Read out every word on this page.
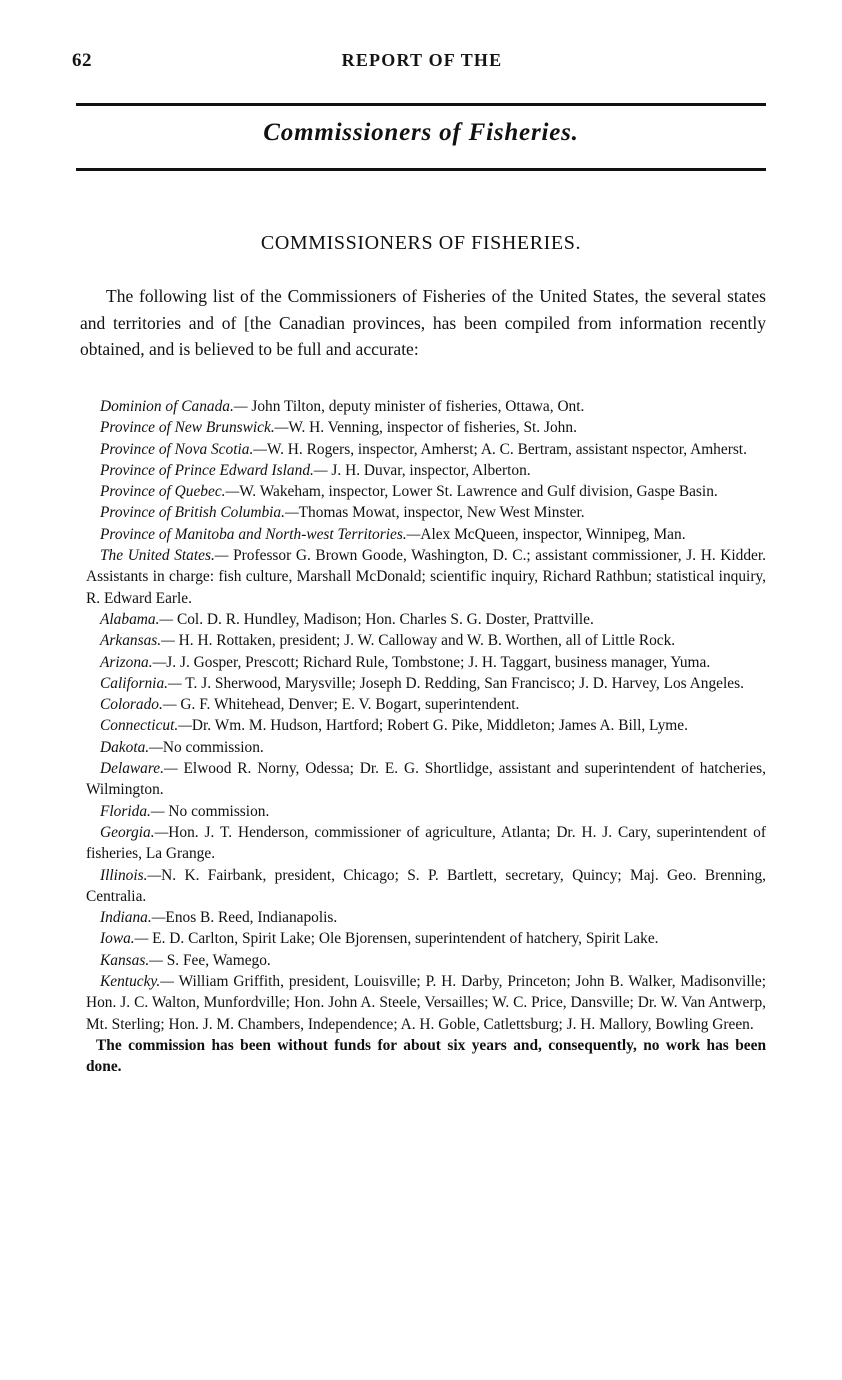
62	REPORT OF THE
Commissioners of Fisheries.
COMMISSIONERS OF FISHERIES.
The following list of the Commissioners of Fisheries of the United States, the several states and territories and of [the Canadian provinces, has been compiled from information recently obtained, and is believed to be full and accurate:

Dominion of Canada.— John Tilton, deputy minister of fisheries, Ottawa, Ont.

Province of New Brunswick.—W. H. Venning, inspector of fisheries, St. John.

Province of Nova Scotia.—W. H. Rogers, inspector, Amherst; A. C. Bertram, assistant nspector, Amherst.

Province of Prince Edward Island.— J. H. Duvar, inspector, Alberton.

Province of Quebec.—W. Wakeham, inspector, Lower St. Lawrence and Gulf division, Gaspe Basin.

Province of British Columbia.—Thomas Mowat, inspector, New West Minster.

Province of Manitoba and North-west Territories.—Alex McQueen, inspector, Winnipeg, Man.

The United States.— Professor G. Brown Goode, Washington, D. C.; assistant commissioner, J. H. Kidder. Assistants in charge: fish culture, Marshall McDonald; scientific inquiry, Richard Rathbun; statistical inquiry, R. Edward Earle.

Alabama.— Col. D. R. Hundley, Madison; Hon. Charles S. G. Doster, Prattville.

Arkansas.— H. H. Rottaken, president; J. W. Calloway and W. B. Worthen, all of Little Rock.

Arizona.—J. J. Gosper, Prescott; Richard Rule, Tombstone; J. H. Taggart, business manager, Yuma.

California.— T. J. Sherwood, Marysville; Joseph D. Redding, San Francisco; J. D. Harvey, Los Angeles.

Colorado.— G. F. Whitehead, Denver; E. V. Bogart, superintendent.

Connecticut.—Dr. Wm. M. Hudson, Hartford; Robert G. Pike, Middleton; James A. Bill, Lyme.

Dakota.—No commission.

Delaware.— Elwood R. Norny, Odessa; Dr. E. G. Shortlidge, assistant and superintendent of hatcheries, Wilmington.

Florida.— No commission.

Georgia.—Hon. J. T. Henderson, commissioner of agriculture, Atlanta; Dr. H. J. Cary, superintendent of fisheries, La Grange.

Illinois.—N. K. Fairbank, president, Chicago; S. P. Bartlett, secretary, Quincy; Maj. Geo. Brenning, Centralia.

Indiana.—Enos B. Reed, Indianapolis.

Iowa.— E. D. Carlton, Spirit Lake; Ole Bjorensen, superintendent of hatchery, Spirit Lake.

Kansas.— S. Fee, Wamego.

Kentucky.— William Griffith, president, Louisville; P. H. Darby, Princeton; John B. Walker, Madisonville; Hon. J. C. Walton, Munfordville; Hon. John A. Steele, Versailles; W. C. Price, Dansville; Dr. W. Van Antwerp, Mt. Sterling; Hon. J. M. Chambers, Independence; A. H. Goble, Catlettsburg; J. H. Mallory, Bowling Green.

The commission has been without funds for about six years and, consequently, no work has been done.
